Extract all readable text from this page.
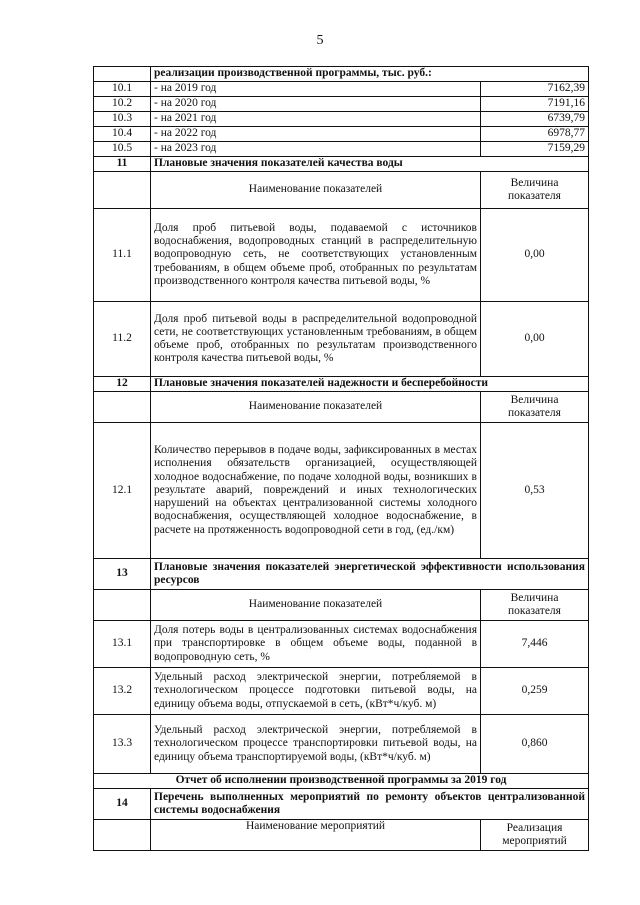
5
	реализации производственной программы, тыс. руб.:	
10.1	- на 2019 год	7162,39
10.2	- на 2020 год	7191,16
10.3	- на 2021 год	6739,79
10.4	- на 2022 год	6978,77
10.5	- на 2023 год	7159,29
11	Плановые значения показателей качества воды	
	Наименование показателей	Величина показателя
11.1	Доля проб питьевой воды, подаваемой с источников водоснабжения, водопроводных станций в распределительную водопроводную сеть, не соответствующих установленным требованиям, в общем объеме проб, отобранных по результатам производственного контроля качества питьевой воды, %	0,00
11.2	Доля проб питьевой воды в распределительной водопроводной сети, не соответствующих установленным требованиям, в общем объеме проб, отобранных по результатам производственного контроля качества питьевой воды, %	0,00
12	Плановые значения показателей надежности и бесперебойности	
	Наименование показателей	Величина показателя
12.1	Количество перерывов в подаче воды, зафиксированных в местах исполнения обязательств организацией, осуществляющей холодное водоснабжение, по подаче холодной воды, возникших в результате аварий, повреждений и иных технологических нарушений на объектах централизованной системы холодного водоснабжения, осуществляющей холодное водоснабжение, в расчете на протяженность водопроводной сети в год, (ед./км)	0,53
13	Плановые значения показателей энергетической эффективности использования ресурсов	
	Наименование показателей	Величина показателя
13.1	Доля потерь воды в централизованных системах водоснабжения при транспортировке в общем объеме воды, поданной в водопроводную сеть, %	7,446
13.2	Удельный расход электрической энергии, потребляемой в технологическом процессе подготовки питьевой воды, на единицу объема воды, отпускаемой в сеть, (кВт*ч/куб. м)	0,259
13.3	Удельный расход электрической энергии, потребляемой в технологическом процессе транспортировки питьевой воды, на единицу объема транспортируемой воды, (кВт*ч/куб. м)	0,860
Отчет об исполнении производственной программы за 2019 год		
14	Перечень выполненных мероприятий по ремонту объектов централизованной системы водоснабжения	
	Наименование мероприятий	Реализация мероприятий
